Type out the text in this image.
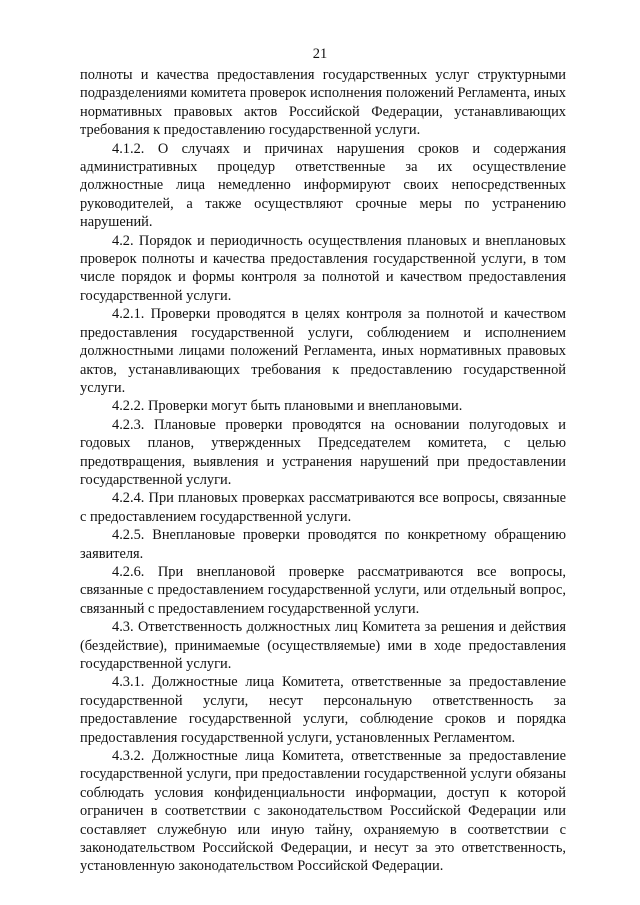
21

полноты и качества предоставления государственных услуг структурными подразделениями комитета проверок исполнения положений Регламента, иных нормативных правовых актов Российской Федерации, устанавливающих требования к предоставлению государственной услуги.

4.1.2. О случаях и причинах нарушения сроков и содержания административных процедур ответственные за их осуществление должностные лица немедленно информируют своих непосредственных руководителей, а также осуществляют срочные меры по устранению нарушений.

4.2. Порядок и периодичность осуществления плановых и внеплановых проверок полноты и качества предоставления государственной услуги, в том числе порядок и формы контроля за полнотой и качеством предоставления государственной услуги.

4.2.1. Проверки проводятся в целях контроля за полнотой и качеством предоставления государственной услуги, соблюдением и исполнением должностными лицами положений Регламента, иных нормативных правовых актов, устанавливающих требования к предоставлению государственной услуги.

4.2.2. Проверки могут быть плановыми и внеплановыми.

4.2.3. Плановые проверки проводятся на основании полугодовых и годовых планов, утвержденных Председателем комитета, с целью предотвращения, выявления и устранения нарушений при предоставлении государственной услуги.

4.2.4. При плановых проверках рассматриваются все вопросы, связанные с предоставлением государственной услуги.

4.2.5. Внеплановые проверки проводятся по конкретному обращению заявителя.

4.2.6. При внеплановой проверке рассматриваются все вопросы, связанные с предоставлением государственной услуги, или отдельный вопрос, связанный с предоставлением государственной услуги.

4.3. Ответственность должностных лиц Комитета за решения и действия (бездействие), принимаемые (осуществляемые) ими в ходе предоставления государственной услуги.

4.3.1. Должностные лица Комитета, ответственные за предоставление государственной услуги, несут персональную ответственность за предоставление государственной услуги, соблюдение сроков и порядка предоставления государственной услуги, установленных Регламентом.

4.3.2. Должностные лица Комитета, ответственные за предоставление государственной услуги, при предоставлении государственной услуги обязаны соблюдать условия конфиденциальности информации, доступ к которой ограничен в соответствии с законодательством Российской Федерации или составляет служебную или иную тайну, охраняемую в соответствии с законодательством Российской Федерации, и несут за это ответственность, установленную законодательством Российской Федерации.
